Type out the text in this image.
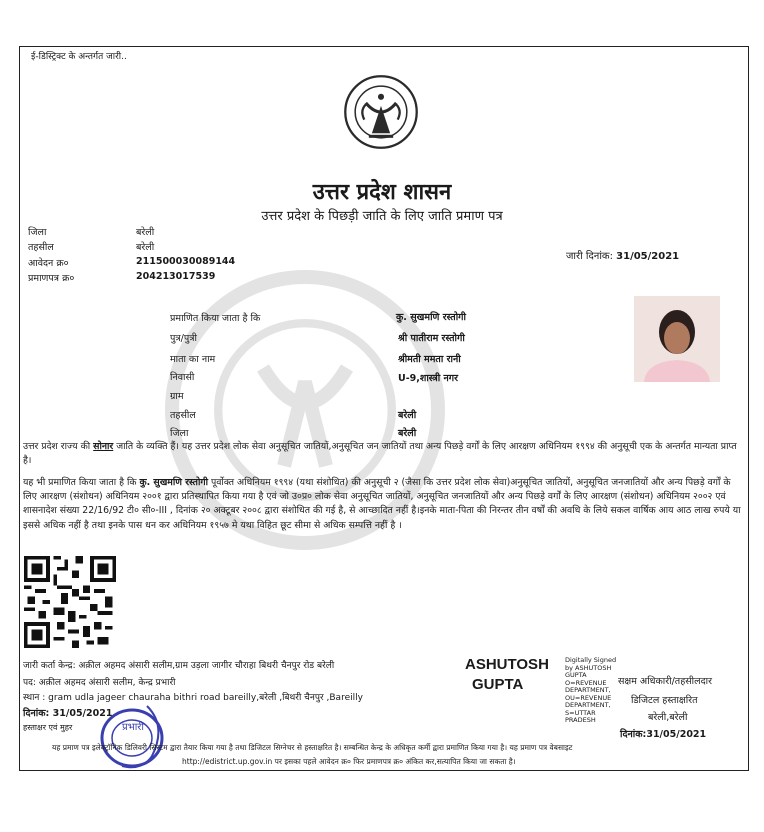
ई-डिस्ट्रिक्ट के अन्तर्गत जारी..
उत्तर प्रदेश शासन
उत्तर प्रदेश के पिछड़ी जाति के लिए जाति प्रमाण पत्र
जिला	बरेली
तहसील	बरेली
आवेदन क्र०	211500030089144
प्रमाणपत्र क्र०	204213017539
जारी दिनांक: 31/05/2021
प्रमाणित किया जाता है कि	कु. सुखमणि रस्तोगी
पुत्र/पुत्री	श्री पातीराम रस्तोगी
माता का नाम	श्रीमती ममता रानी
निवासी	U-9,शास्त्री नगर
ग्राम
तहसील	बरेली
जिला	बरेली
उत्तर प्रदेश राज्य की सोनार जाति के व्यक्ति हैं। यह उत्तर प्रदेश लोक सेवा अनुसूचित जातियों,अनुसूचित जन जातियों तथा अन्य पिछड़े वर्गों के लिए आरक्षण अधिनियम १९९४ की अनुसूची एक के अन्तर्गत मान्यता प्राप्त है।
यह भी प्रमाणित किया जाता है कि कु. सुखमणि रस्तोगी पूर्वोक्त अधिनियम १९९४ (यथा संशोधित) की अनुसूची २ (जैसा कि उत्तर प्रदेश लोक सेवा)अनुसूचित जातियों, अनुसूचित जनजातियों और अन्य पिछड़े वर्गों के लिए आरक्षण (संशोधन) अधिनियम २००१ द्वारा प्रतिस्थापित किया गया है एवं जो उ०प्र० लोक सेवा अनुसूचित जातियों, अनुसूचित जनजातियों और अन्य पिछड़े वर्गों के लिए आरक्षण (संशोधन) अधिनियम २००२ एवं शासनादेश संख्या 22/16/92 टी० सी०-III , दिनांक २० अक्टूबर २००८ द्वारा संशोधित की गई है, से आच्छादित नहीं है।इनके माता-पिता की निरन्तर तीन वर्षों की अवधि के लिये सकल वार्षिक आय आठ लाख रुपये या इससे अधिक नहीं है तथा इनके पास धन कर अधिनियम १९५७ मे यथा विहित छूट सीमा से अधिक सम्पत्ति नहीं है ।
जारी कर्ता केन्द्र: अक़ील अहमद अंसारी सलीम,ग्राम उड़ला जागीर चौराहा बिथरी चैनपुर रोड बरेली
पद: अक़ील अहमद अंसारी सलीम, केन्द्र प्रभारी
स्थान : gram udla jageer chauraha bithri road bareilly,बरेली ,बिथरी चैनपुर ,Bareilly
दिनांक: 31/05/2021
हस्ताक्षर एवं मुहर	प्रभारी
ASHUTOSH
GUPTA
Digitally Signed
by ASHUTOSH
GUPTA
O=REVENUE
DEPARTMENT,
OU=REVENUE
DEPARTMENT,
S=UTTAR
PRADESH
सक्षम अधिकारी/तहसीलदार
डिजिटल हस्ताक्षरित
बरेली,बरेली
दिनांक:31/05/2021
यह प्रमाण पत्र इलेक्ट्रॉनिक डिलिवरी सिस्टम द्वारा तैयार किया गया है तथा डिजिटल सिग्नेचर से हस्ताक्षरित है। सम्बन्धित केन्द्र के अधिकृत कर्मी द्वारा प्रमाणित किया गया है। यह प्रमाण पत्र वेबसाइट
http://edistrict.up.gov.in पर इसका पहले आवेदन क्र० फिर प्रमाणपत्र क्र० अंकित कर,सत्यापित किया जा सकता है।
